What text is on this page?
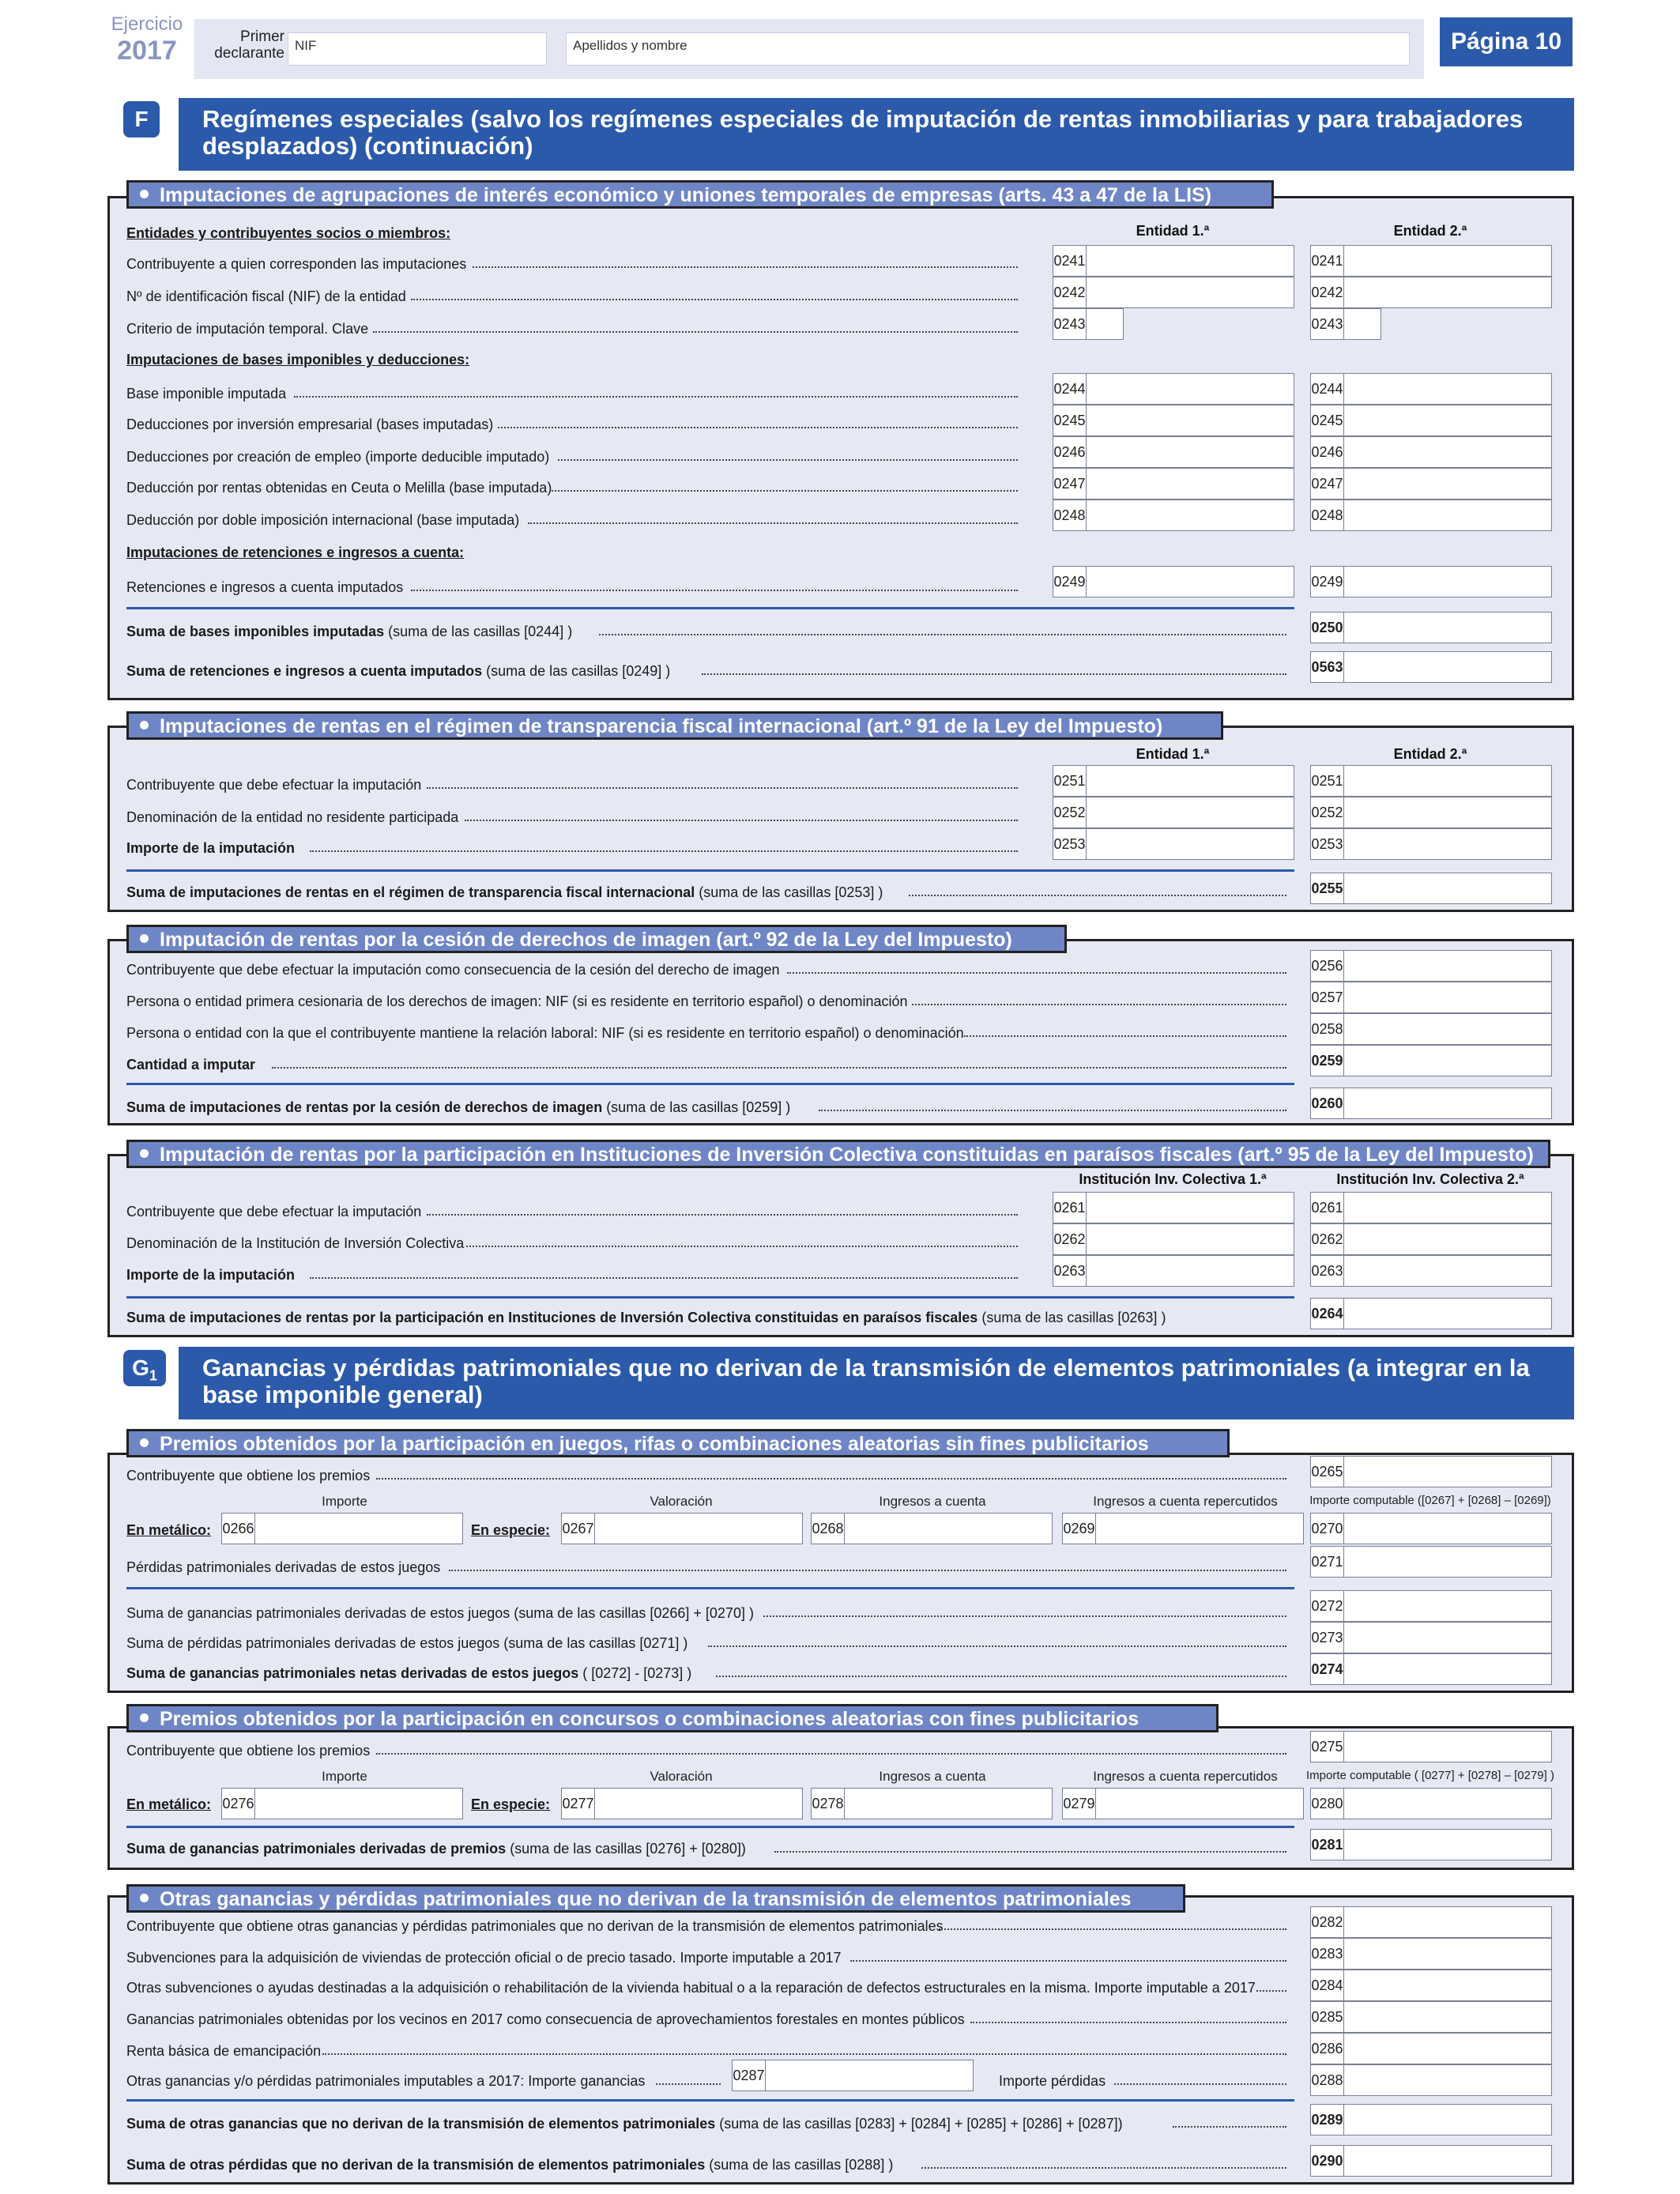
Ejercicio
2017	Primer declarante NIF	Apellidos y nombre	Página 10
F	Regímenes especiales (salvo los regímenes especiales de imputación de rentas inmobiliarias y para trabajadores desplazados) (continuación)
Imputaciones de agrupaciones de interés económico y uniones temporales de empresas (arts. 43 a 47 de la LIS)
Entidades y contribuyentes socios o miembros:	Entidad 1.ª	Entidad 2.ª
Contribuyente a quien corresponden las imputaciones	0241	0241
Nº de identificación fiscal (NIF) de la entidad	0242	0242
Criterio de imputación temporal. Clave	0243	0243
Imputaciones de bases imponibles y deducciones:
Base imponible imputada	0244	0244
Deducciones por inversión empresarial (bases imputadas)	0245	0245
Deducciones por creación de empleo (importe deducible imputado)	0246	0246
Deducción por rentas obtenidas en Ceuta o Melilla (base imputada)	0247	0247
Deducción por doble imposición internacional (base imputada)	0248	0248
Imputaciones de retenciones e ingresos a cuenta:
Retenciones e ingresos a cuenta imputados	0249	0249
Suma de bases imponibles imputadas (suma de las casillas [0244] )	0250
Suma de retenciones e ingresos a cuenta imputados (suma de las casillas [0249] )	0563
Imputaciones de rentas en el régimen de transparencia fiscal internacional (art.º 91 de la Ley del Impuesto)
Entidad 1.ª	Entidad 2.ª
Contribuyente que debe efectuar la imputación	0251	0251
Denominación de la entidad no residente participada	0252	0252
Importe de la imputación	0253	0253
Suma de imputaciones de rentas en el régimen de transparencia fiscal internacional (suma de las casillas [0253] )	0255
Imputación de rentas por la cesión de derechos de imagen (art.º 92 de la Ley del Impuesto)
Contribuyente que debe efectuar la imputación como consecuencia de la cesión del derecho de imagen	0256
Persona o entidad primera cesionaria de los derechos de imagen: NIF (si es residente en territorio español) o denominación	0257
Persona o entidad con la que el contribuyente mantiene la relación laboral: NIF (si es residente en territorio español) o denominación	0258
Cantidad a imputar	0259
Suma de imputaciones de rentas por la cesión de derechos de imagen (suma de las casillas [0259] )	0260
Imputación de rentas por la participación en Instituciones de Inversión Colectiva constituidas en paraísos fiscales (art.º 95 de la Ley del Impuesto)
Institución Inv. Colectiva 1.ª	Institución Inv. Colectiva 2.ª
Contribuyente que debe efectuar la imputación	0261	0261
Denominación de la Institución de Inversión Colectiva	0262	0262
Importe de la imputación	0263	0263
Suma de imputaciones de rentas por la participación en Instituciones de Inversión Colectiva constituidas en paraísos fiscales (suma de las casillas [0263] )	0264
$G_1$	Ganancias y pérdidas patrimoniales que no derivan de la transmisión de elementos patrimoniales (a integrar en la base imponible general)
Premios obtenidos por la participación en juegos, rifas o combinaciones aleatorias sin fines publicitarios
Contribuyente que obtiene los premios	0265
Importe	Valoración	Ingresos a cuenta	Ingresos a cuenta repercutidos	Importe computable ([0267] + [0268] – [0269])
En metálico: 0266	En especie: 0267	0268	0269	0270
Pérdidas patrimoniales derivadas de estos juegos	0271
Suma de ganancias patrimoniales derivadas de estos juegos (suma de las casillas [0266] + [0270] )	0272
Suma de pérdidas patrimoniales derivadas de estos juegos (suma de las casillas [0271] )	0273
Suma de ganancias patrimoniales netas derivadas de estos juegos ( [0272] - [0273] )	0274
Premios obtenidos por la participación en concursos o combinaciones aleatorias con fines publicitarios
Contribuyente que obtiene los premios	0275
Importe	Valoración	Ingresos a cuenta	Ingresos a cuenta repercutidos	Importe computable ( [0277] + [0278] – [0279] )
En metálico: 0276	En especie: 0277	0278	0279	0280
Suma de ganancias patrimoniales derivadas de premios (suma de las casillas [0276] + [0280])	0281
Otras ganancias y pérdidas patrimoniales que no derivan de la transmisión de elementos patrimoniales
Contribuyente que obtiene otras ganancias y pérdidas patrimoniales que no derivan de la transmisión de elementos patrimoniales	0282
Subvenciones para la adquisición de viviendas de protección oficial o de precio tasado. Importe imputable a 2017	0283
Otras subvenciones o ayudas destinadas a la adquisición o rehabilitación de la vivienda habitual o a la reparación de defectos estructurales en la misma. Importe imputable a 2017	0284
Ganancias patrimoniales obtenidas por los vecinos en 2017 como consecuencia de aprovechamientos forestales en montes públicos	0285
Renta básica de emancipación	0286
Otras ganancias y/o pérdidas patrimoniales imputables a 2017: Importe ganancias	0287	Importe pérdidas	0288
Suma de otras ganancias que no derivan de la transmisión de elementos patrimoniales (suma de las casillas [0283] + [0284] + [0285] + [0286] + [0287])	0289
Suma de otras pérdidas que no derivan de la transmisión de elementos patrimoniales (suma de las casillas [0288] )	0290
